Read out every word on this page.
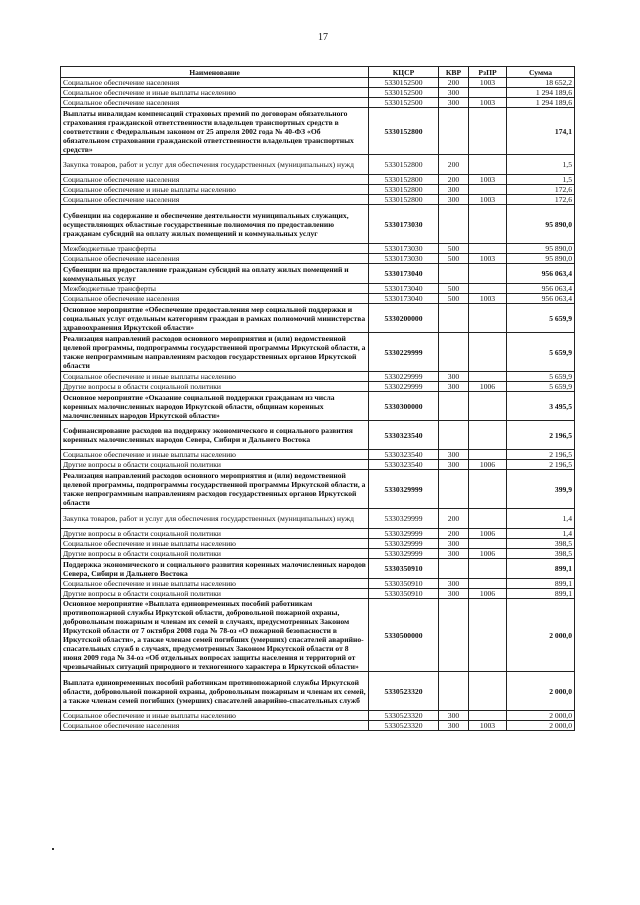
17
Наименование	КЦСР	КВР	РзПР	Сумма
Социальное обеспечение населения	5330152500	200	1003	18 652,2
Социальное обеспечение и иные выплаты населению	5330152500	300		1 294 189,6
Социальное обеспечение населения	5330152500	300	1003	1 294 189,6
Выплаты инвалидам компенсаций страховых премий по договорам обязательного страхования гражданской ответственности владельцев транспортных средств в соответствии с Федеральным законом от 25 апреля 2002 года № 40-ФЗ «Об обязательном страховании гражданской ответственности владельцев транспортных средств»	5330152800			174,1
Закупка товаров, работ и услуг для обеспечения государственных (муниципальных) нужд	5330152800	200		1,5
Социальное обеспечение населения	5330152800	200	1003	1,5
Социальное обеспечение и иные выплаты населению	5330152800	300		172,6
Социальное обеспечение населения	5330152800	300	1003	172,6
Субвенции на содержание и обеспечение деятельности муниципальных служащих, осуществляющих областные государственные полномочия по предоставлению гражданам субсидий на оплату жилых помещений и коммунальных услуг	5330173030			95 890,0
Межбюджетные трансферты	5330173030	500		95 890,0
Социальное обеспечение населения	5330173030	500	1003	95 890,0
Субвенции на предоставление гражданам субсидий на оплату жилых помещений и коммунальных услуг	5330173040			956 063,4
Межбюджетные трансферты	5330173040	500		956 063,4
Социальное обеспечение населения	5330173040	500	1003	956 063,4
Основное мероприятие «Обеспечение предоставления мер социальной поддержки и социальных услуг отдельным категориям граждан в рамках полномочий министерства здравоохранения Иркутской области»	5330200000			5 659,9
Реализация направлений расходов основного мероприятия и (или) ведомственной целевой программы, подпрограммы государственной программы Иркутской области, а также непрограммным направлениям расходов государственных органов Иркутской области	5330229999			5 659,9
Социальное обеспечение и иные выплаты населению	5330229999	300		5 659,9
Другие вопросы в области социальной политики	5330229999	300	1006	5 659,9
Основное мероприятие «Оказание социальной поддержки гражданам из числа коренных малочисленных народов Иркутской области, общинам коренных малочисленных народов Иркутской области»	5330300000			3 495,5
Софинансирование расходов на поддержку экономического и социального развития коренных малочисленных народов Севера, Сибири и Дальнего Востока	5330323540			2 196,5
Социальное обеспечение и иные выплаты населению	5330323540	300		2 196,5
Другие вопросы в области социальной политики	5330323540	300	1006	2 196,5
Реализация направлений расходов основного мероприятия и (или) ведомственной целевой программы, подпрограммы государственной программы Иркутской области, а также непрограммным направлениям расходов государственных органов Иркутской области	5330329999			399,9
Закупка товаров, работ и услуг для обеспечения государственных (муниципальных) нужд	5330329999	200		1,4
Другие вопросы в области социальной политики	5330329999	200	1006	1,4
Социальное обеспечение и иные выплаты населению	5330329999	300		398,5
Другие вопросы в области социальной политики	5330329999	300	1006	398,5
Поддержка экономического и социального развития коренных малочисленных народов Севера, Сибири и Дальнего Востока	5330350910			899,1
Социальное обеспечение и иные выплаты населению	5330350910	300		899,1
Другие вопросы в области социальной политики	5330350910	300	1006	899,1
Основное мероприятие «Выплата единовременных пособий работникам противопожарной службы Иркутской области, добровольной пожарной охраны, добровольным пожарным и членам их семей в случаях, предусмотренных Законом Иркутской области от 7 октября 2008 года № 78-оз «О пожарной безопасности в Иркутской области», а также членам семей погибших (умерших) спасателей аварийно-спасательных служб в случаях, предусмотренных Законом Иркутской области от 8 июня 2009 года № 34-оз «Об отдельных вопросах защиты населения и территорий от чрезвычайных ситуаций природного и техногенного характера в Иркутской области»	5330500000			2 000,0
Выплата единовременных пособий работникам противопожарной службы Иркутской области, добровольной пожарной охраны, добровольным пожарным и членам их семей, а также членам семей погибших (умерших) спасателей аварийно-спасательных служб	5330523320			2 000,0
Социальное обеспечение и иные выплаты населению	5330523320	300		2 000,0
Социальное обеспечение населения	5330523320	300	1003	2 000,0
